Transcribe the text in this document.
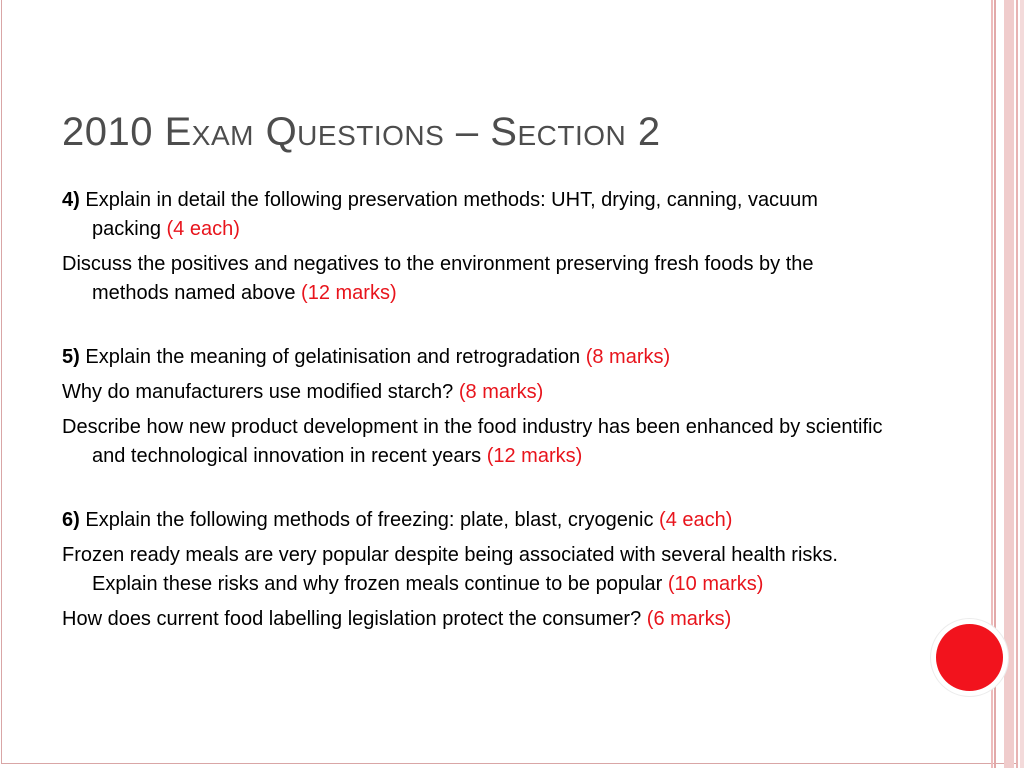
2010 Exam Questions – Section 2

4) Explain in detail the following preservation methods: UHT, drying, canning, vacuum packing (4 each)

Discuss the positives and negatives to the environment preserving fresh foods by the methods named above (12 marks)

5) Explain the meaning of gelatinisation and retrogradation (8 marks)

Why do manufacturers use modified starch? (8 marks)

Describe how new product development in the food industry has been enhanced by scientific and technological innovation in recent years (12 marks)

6) Explain the following methods of freezing: plate, blast, cryogenic (4 each)

Frozen ready meals are very popular despite being associated with several health risks. Explain these risks and why frozen meals continue to be popular (10 marks)

How does current food labelling legislation protect the consumer? (6 marks)
